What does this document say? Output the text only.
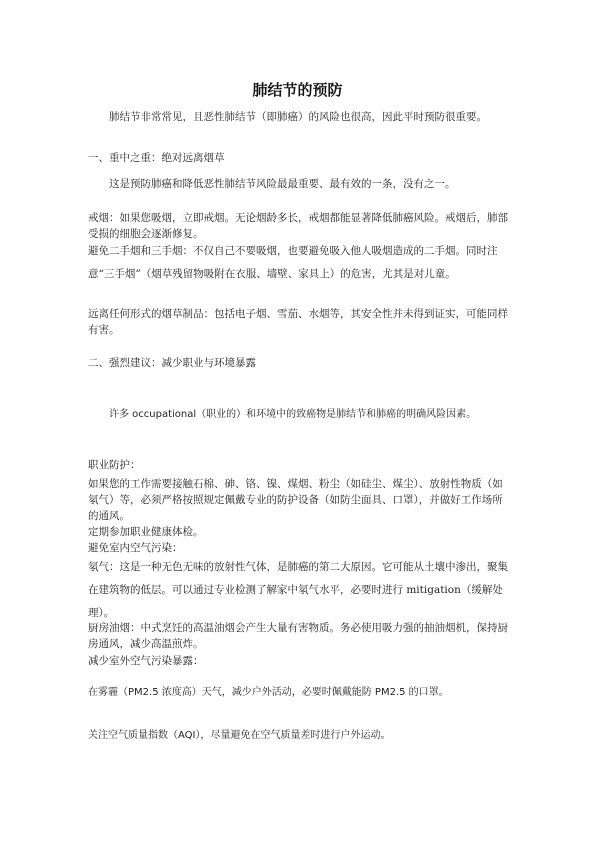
肺结节的预防

肺结节非常常见，且恶性肺结节（即肺癌）的风险也很高，因此平时预防很重要。

一、重中之重：绝对远离烟草

这是预防肺癌和降低恶性肺结节风险最最重要、最有效的一条，没有之一。

戒烟：如果您吸烟，立即戒烟。无论烟龄多长，戒烟都能显著降低肺癌风险。戒烟后，肺部受损的细胞会逐渐修复。

避免二手烟和三手烟：不仅自己不要吸烟，也要避免吸入他人吸烟造成的二手烟。同时注意“三手烟”（烟草残留物吸附在衣服、墙壁、家具上）的危害，尤其是对儿童。

远离任何形式的烟草制品：包括电子烟、雪茄、水烟等，其安全性并未得到证实，可能同样有害。

二、强烈建议：减少职业与环境暴露

许多 occupational（职业的）和环境中的致癌物是肺结节和肺癌的明确风险因素。

职业防护：

如果您的工作需要接触石棉、砷、铬、镍、煤烟、粉尘（如硅尘、煤尘）、放射性物质（如氡气）等，必须严格按照规定佩戴专业的防护设备（如防尘面具、口罩），并做好工作场所的通风。

定期参加职业健康体检。

避免室内空气污染：

氡气：这是一种无色无味的放射性气体，是肺癌的第二大原因。它可能从土壤中渗出，聚集在建筑物的低层。可以通过专业检测了解家中氡气水平，必要时进行 mitigation（缓解处理）。

厨房油烟：中式烹饪的高温油烟会产生大量有害物质。务必使用吸力强的抽油烟机，保持厨房通风，减少高温煎炸。

减少室外空气污染暴露：

在雾霾（PM2.5 浓度高）天气，减少户外活动，必要时佩戴能防 PM2.5 的口罩。

关注空气质量指数（AQI），尽量避免在空气质量差时进行户外运动。
